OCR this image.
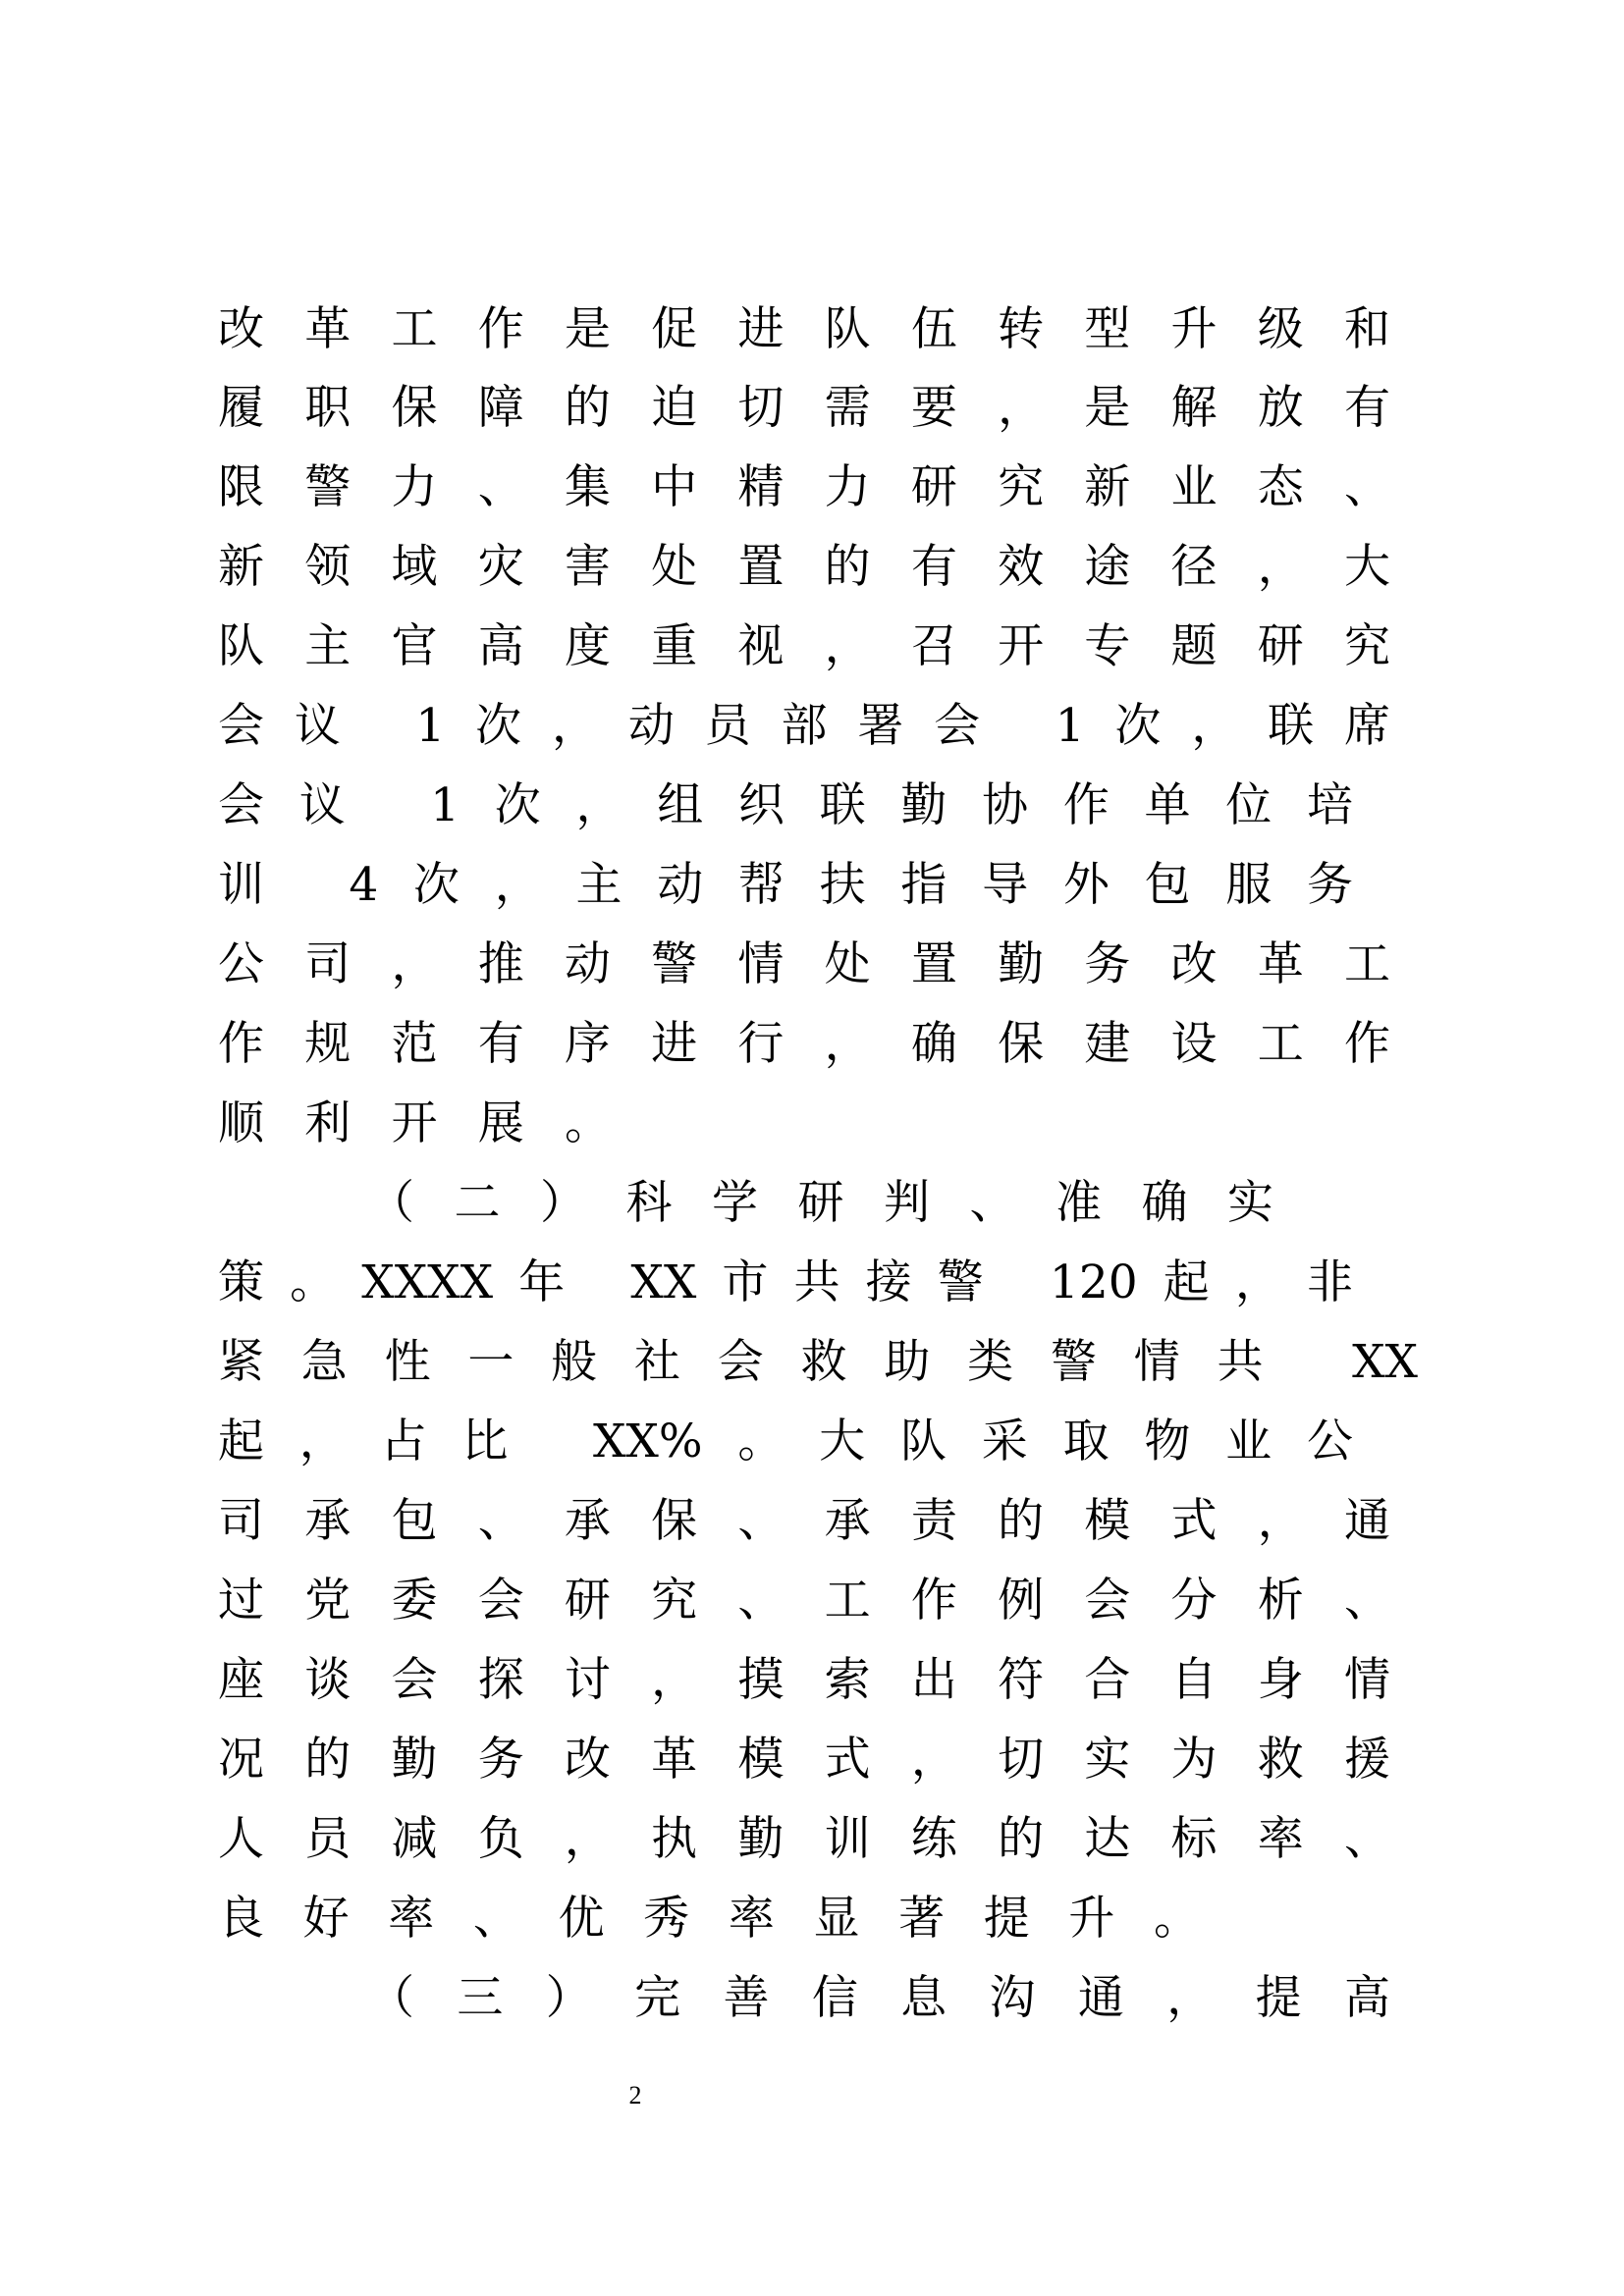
改革工作是促进队伍转型升级和
履职保障的迫切需要，是解放有
限警力、集中精力研究新业态、
新领域灾害处置的有效途径，大
队主官高度重视，召开专题研究
会议 1次，动员部署会 1次，联席
会议 1次，组织联勤协作单位培
训 4次，主动帮扶指导外包服务
公司，推动警情处置勤务改革工
作规范有序进行，确保建设工作
顺利开展。
（二）科学研判、准确实
策。XXXX年 XX市共接警 120起，非
紧急性一般社会救助类警情共 XX
起，占比 XX%。大队采取物业公
司承包、承保、承责的模式，通
过党委会研究、工作例会分析、
座谈会探讨，摸索出符合自身情
况的勤务改革模式，切实为救援
人员减负，执勤训练的达标率、
良好率、优秀率显著提升。
（三）完善信息沟通，提高
2
